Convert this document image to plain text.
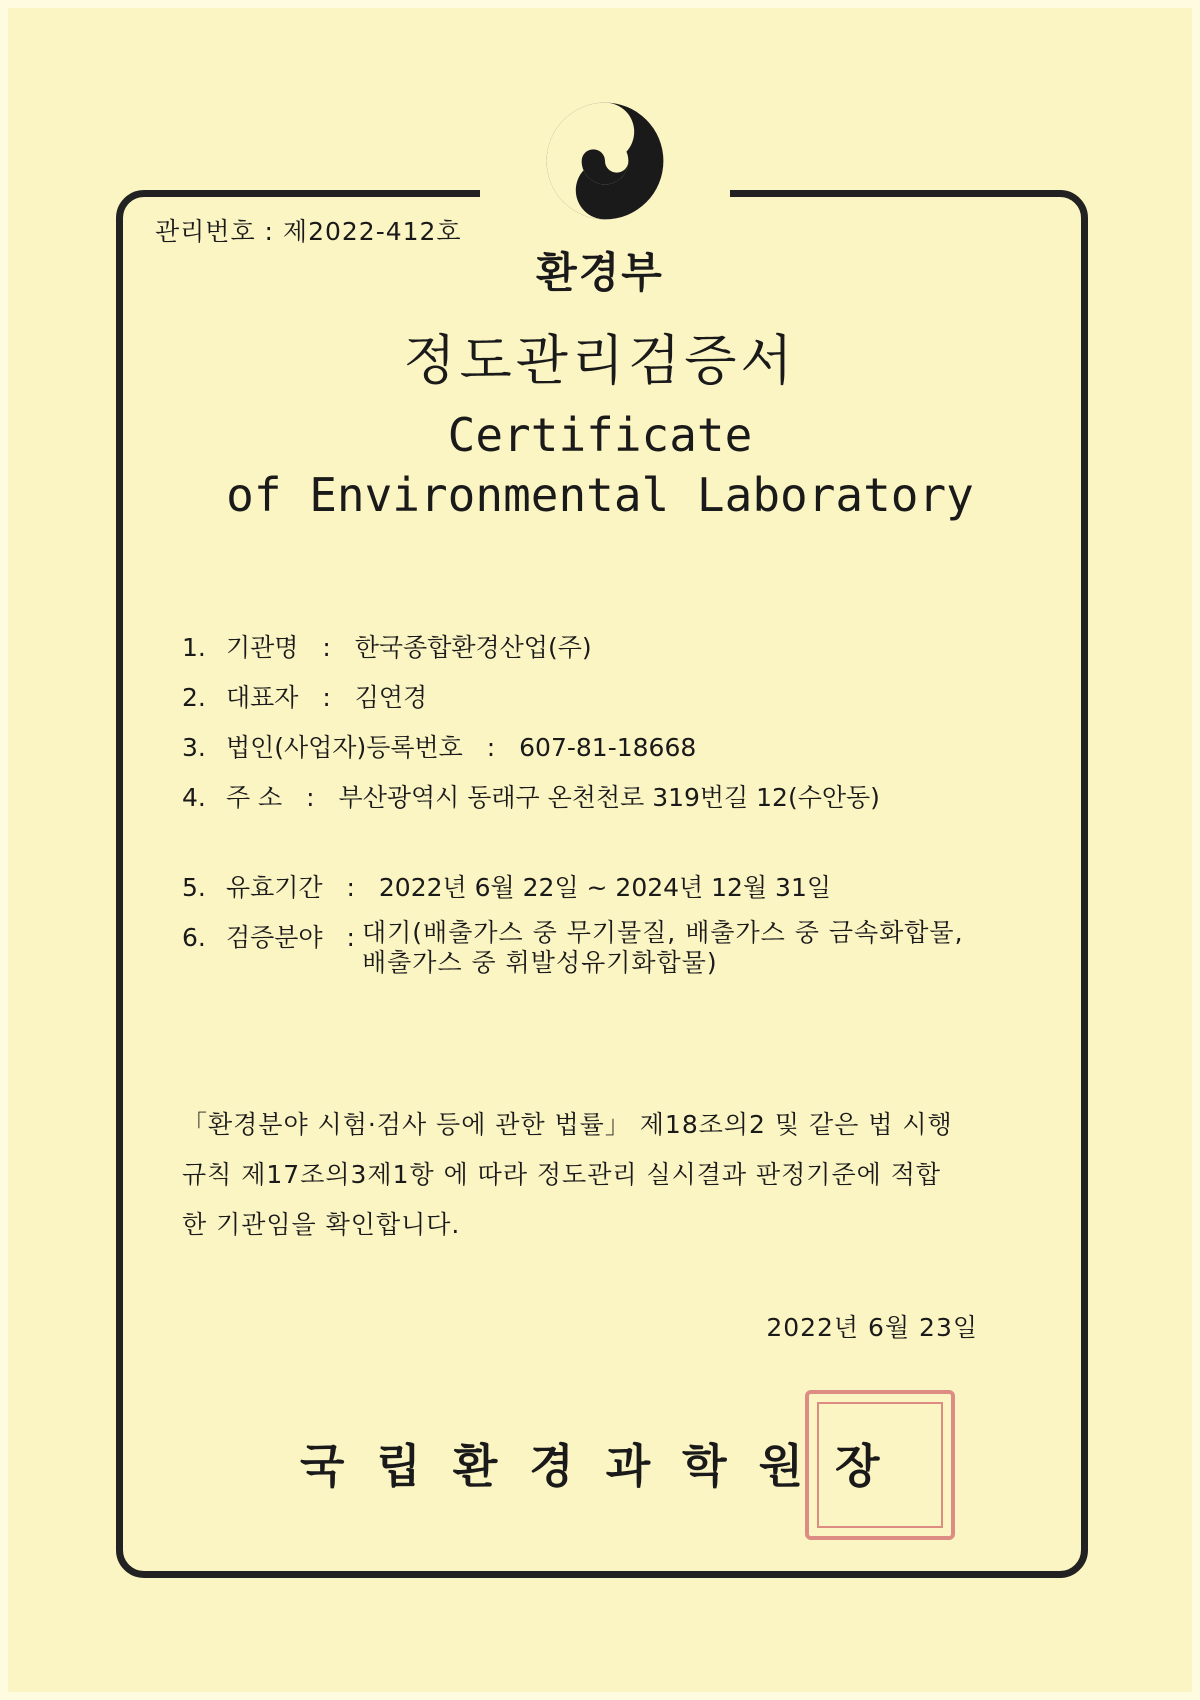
관리번호 : 제2022-412호
환경부
정도관리검증서
Certificate
of Environmental Laboratory
1. 기관명 : 한국종합환경산업(주)
2. 대표자 : 김연경
3. 법인(사업자)등록번호 : 607-81-18668
4. 주 소 : 부산광역시 동래구 온천천로 319번길 12(수안동)
5. 유효기간 : 2022년 6월 22일 ~ 2024년 12월 31일
6. 검증분야 : 대기(배출가스 중 무기물질, 배출가스 중 금속화합물, 배출가스 중 휘발성유기화합물)
「환경분야 시험·검사 등에 관한 법률」 제18조의2 및 같은 법 시행규칙 제17조의3제1항 에 따라 정도관리 실시결과 판정기준에 적합한 기관임을 확인합니다.
2022년 6월 23일
국립환경과학원장
